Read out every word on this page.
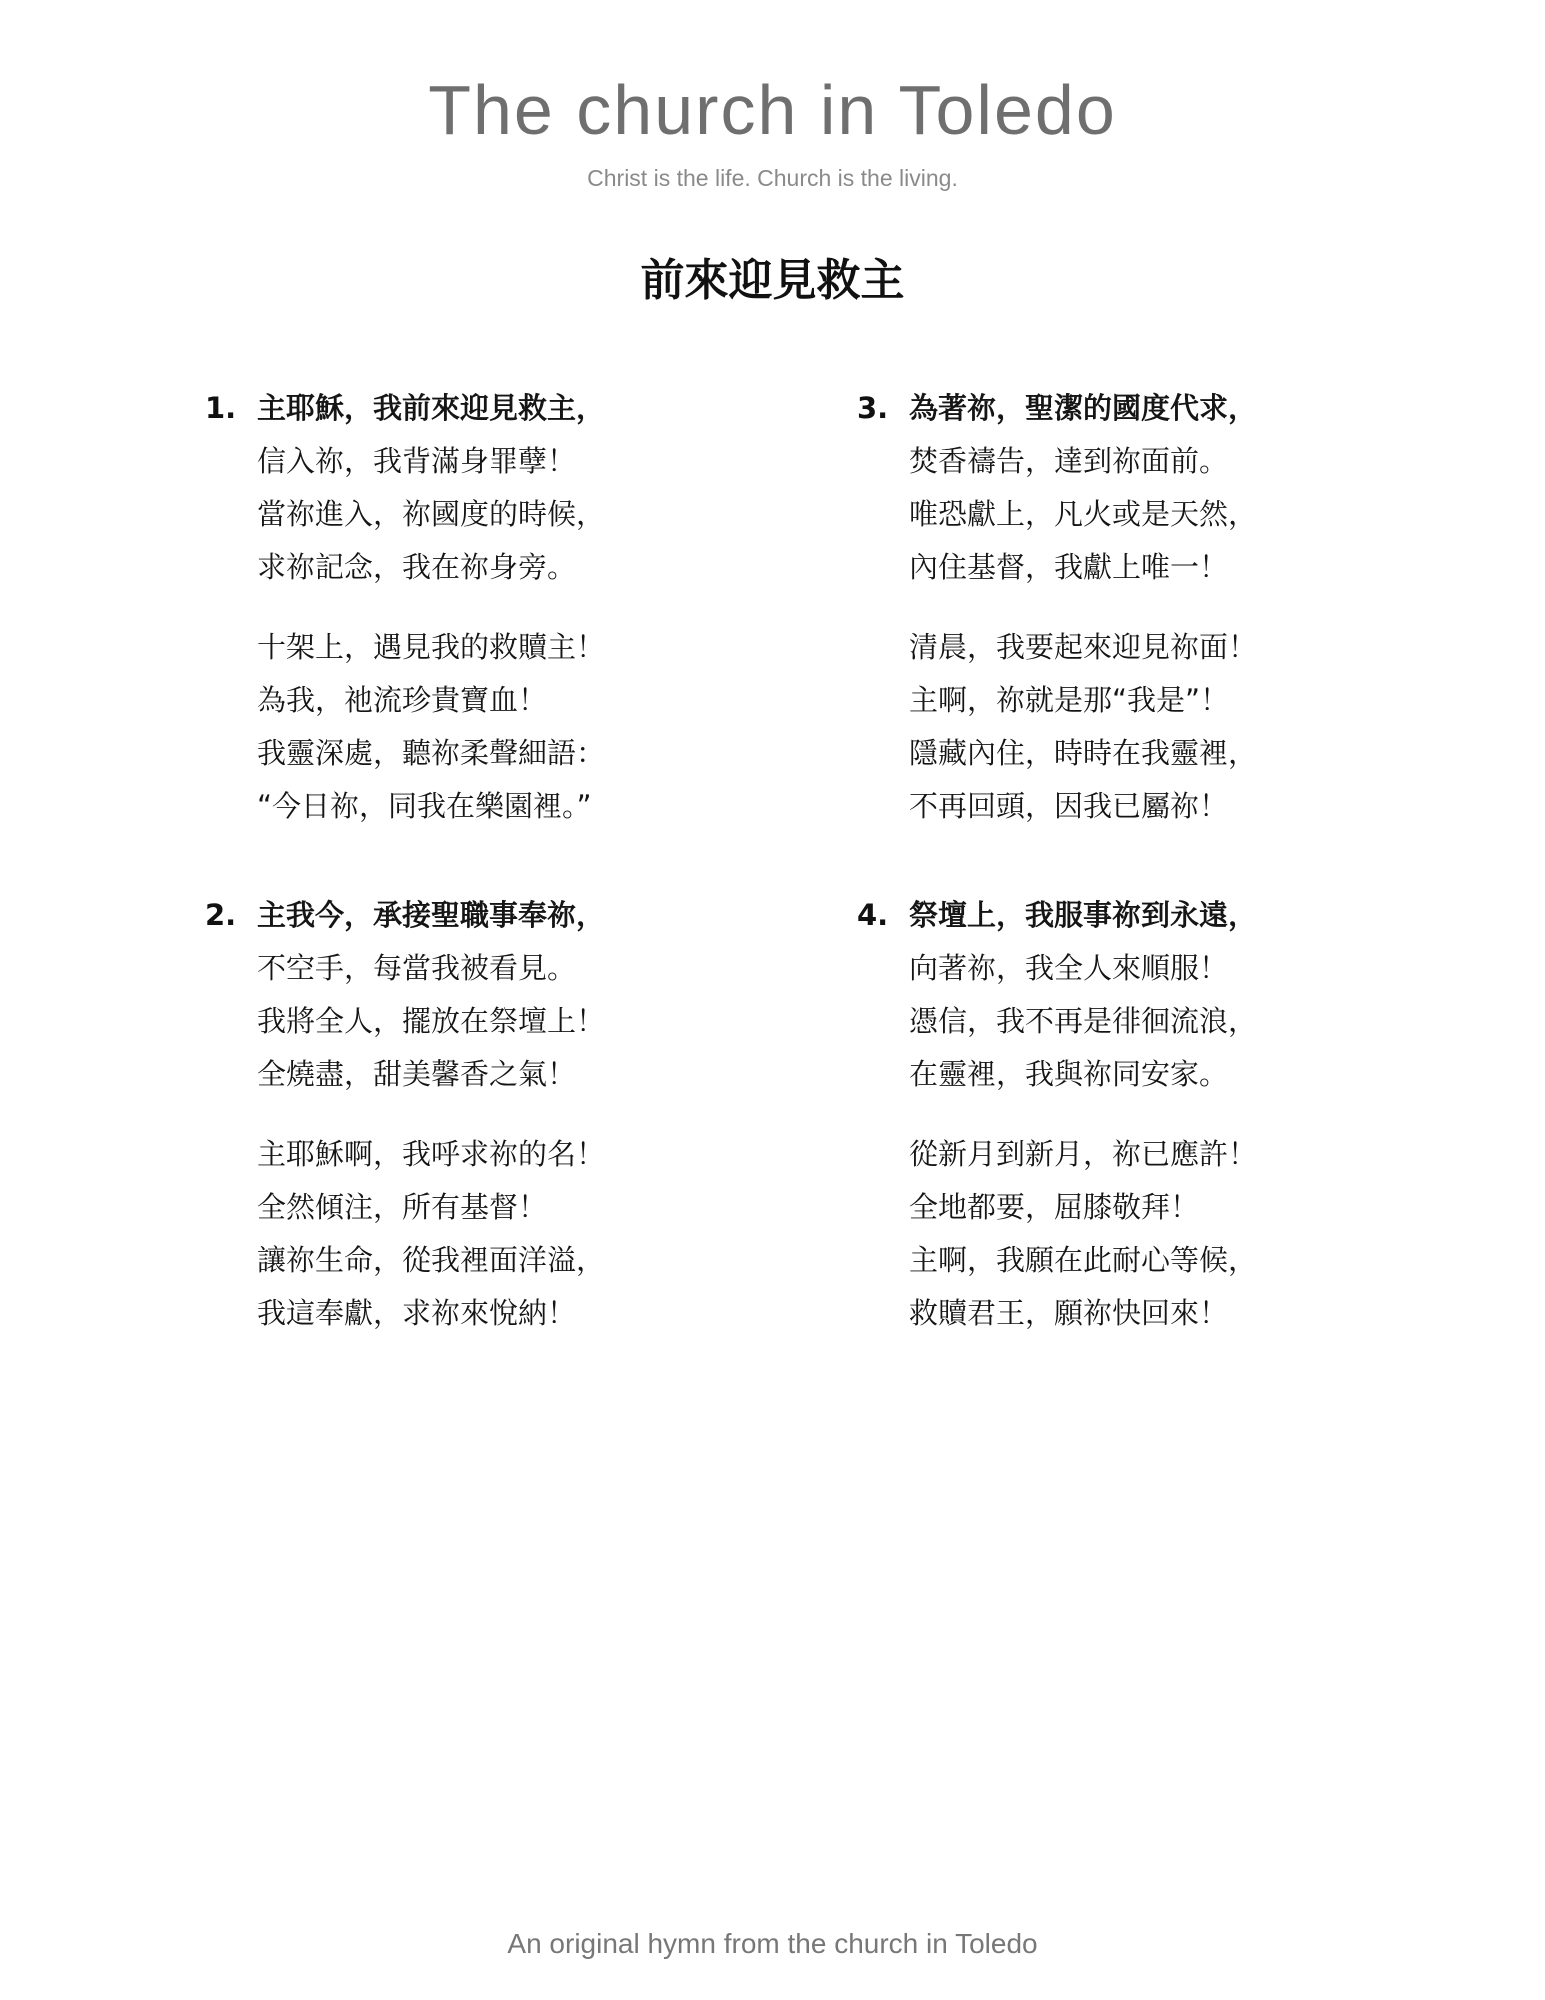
The church in Toledo
Christ is the life. Church is the living.
前來迎見救主
1. 主耶穌，我前來迎見救主，
信入祢，我背滿身罪孽！
當祢進入，祢國度的時候，
求祢記念，我在祢身旁。
十架上，遇見我的救贖主！
為我，祂流珍貴寶血！
我靈深處，聽祢柔聲細語：
“今日祢，同我在樂園裡。”
2. 主我今，承接聖職事奉祢，
不空手，每當我被看見。
我將全人，擺放在祭壇上！
全燒盡，甜美馨香之氣！
主耶穌啊，我呼求祢的名！
全然傾注，所有基督！
讓祢生命，從我裡面洋溢，
我這奉獻，求祢來悅納！
3. 為著祢，聖潔的國度代求，
焚香禱告，達到祢面前。
唯恐獻上，凡火或是天然，
內住基督，我獻上唯一！
清晨，我要起來迎見祢面！
主啊，祢就是那“我是”！
隱藏內住，時時在我靈裡，
不再回頭，因我已屬祢！
4. 祭壇上，我服事祢到永遠，
向著祢，我全人來順服！
憑信，我不再是徘徊流浪，
在靈裡，我與祢同安家。
從新月到新月，祢已應許！
全地都要，屈膝敬拜！
主啊，我願在此耐心等候，
救贖君王，願祢快回來！
An original hymn from the church in Toledo
